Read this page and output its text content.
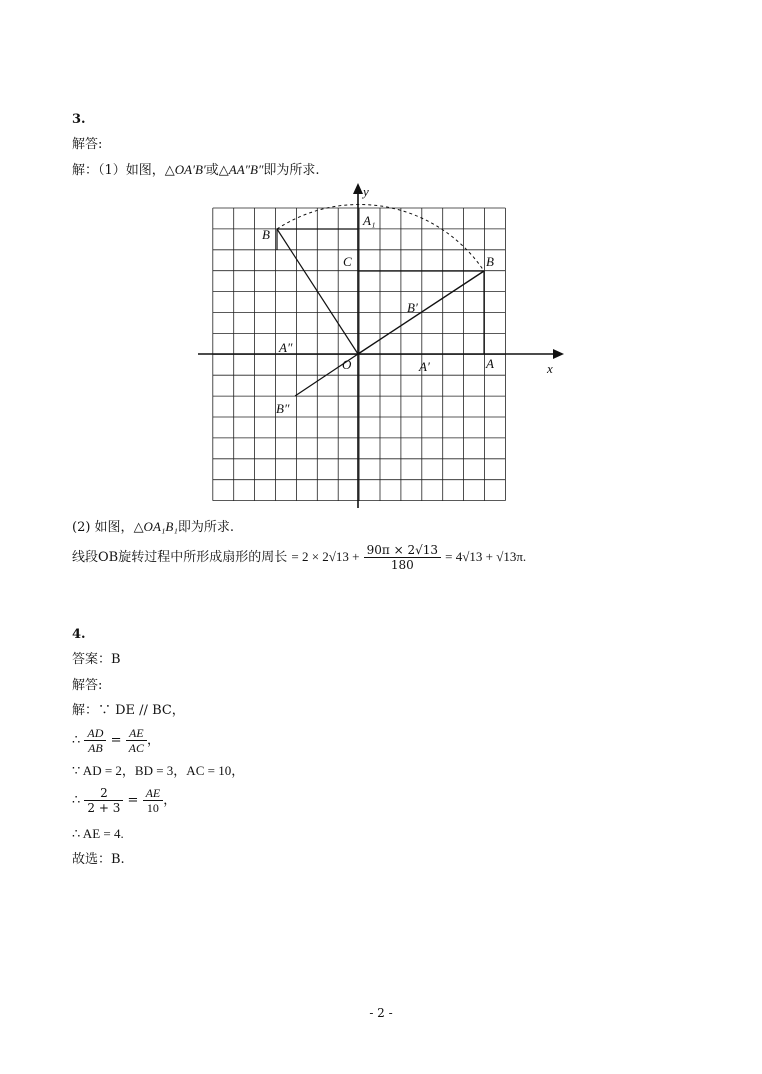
3.
解答:
解：（1）如图，△OA′B′或△AA″B″即为所求.
y
x
O	A
B
B
C
A₁
B′
A′
A″
B″
(2) 如图，△OA₁B₁即为所求.
线段OB旋转过程中所形成扇形的周长 = $2 \times 2√13 + \frac{90\pi \times 2√13}{180} = 4√13 + √13\pi$.
4.
答案：B
解答:
解：∵ DE // BC，
∴ $\frac{AD}{AB} = \frac{AE}{AC}$ ，
∵ AD = 2，BD = 3，AC = 10，
∴ $\frac{2}{2 + 3} = \frac{AE}{10}$ ，
∴ AE = 4.
故选：B.
- 2 -
